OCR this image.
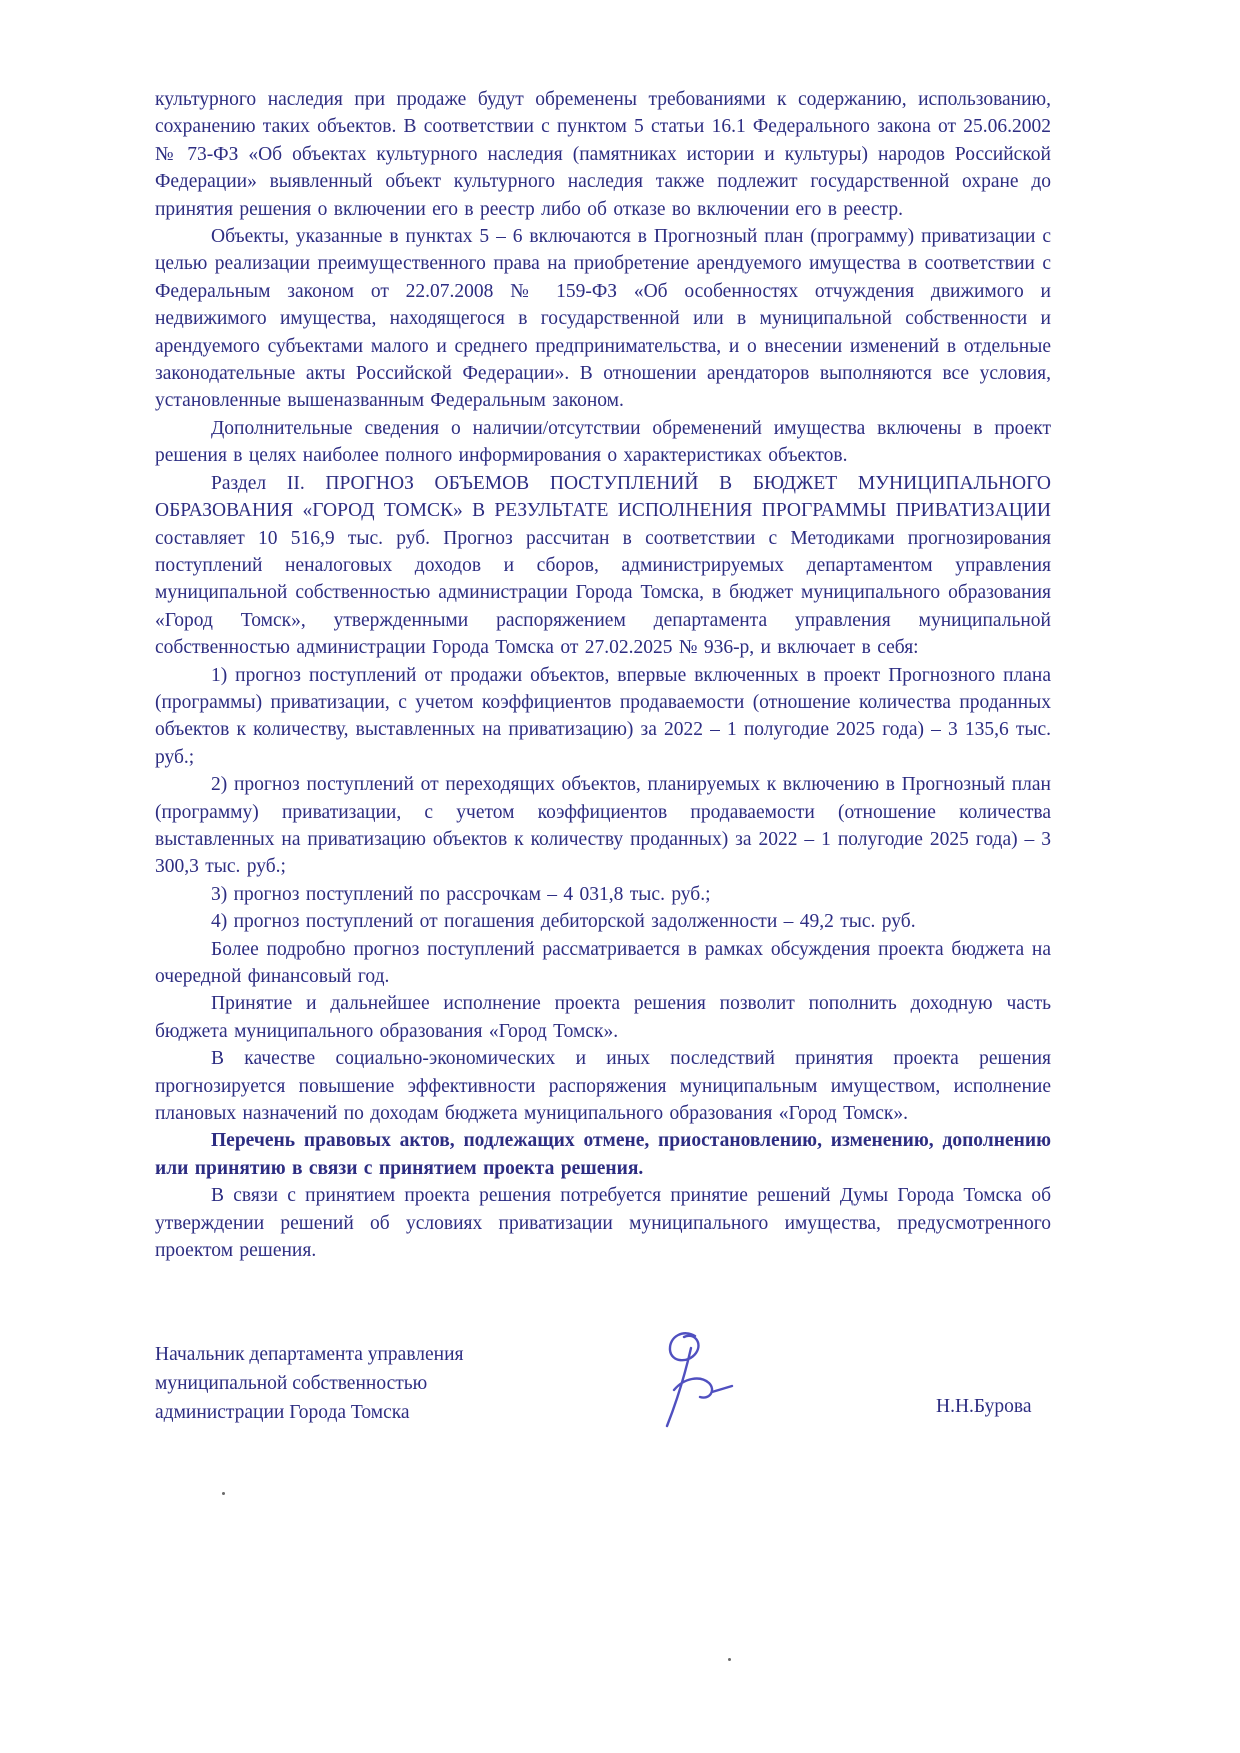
культурного наследия при продаже будут обременены требованиями к содержанию, использованию, сохранению таких объектов. В соответствии с пунктом 5 статьи 16.1 Федерального закона от 25.06.2002 № 73-ФЗ «Об объектах культурного наследия (памятниках истории и культуры) народов Российской Федерации» выявленный объект культурного наследия также подлежит государственной охране до принятия решения о включении его в реестр либо об отказе во включении его в реестр.

Объекты, указанные в пунктах 5 – 6 включаются в Прогнозный план (программу) приватизации с целью реализации преимущественного права на приобретение арендуемого имущества в соответствии с Федеральным законом от 22.07.2008 № 159-ФЗ «Об особенностях отчуждения движимого и недвижимого имущества, находящегося в государственной или в муниципальной собственности и арендуемого субъектами малого и среднего предпринимательства, и о внесении изменений в отдельные законодательные акты Российской Федерации». В отношении арендаторов выполняются все условия, установленные вышеназванным Федеральным законом.

Дополнительные сведения о наличии/отсутствии обременений имущества включены в проект решения в целях наиболее полного информирования о характеристиках объектов.

Раздел II. ПРОГНОЗ ОБЪЕМОВ ПОСТУПЛЕНИЙ В БЮДЖЕТ МУНИЦИПАЛЬНОГО ОБРАЗОВАНИЯ «ГОРОД ТОМСК» В РЕЗУЛЬТАТЕ ИСПОЛНЕНИЯ ПРОГРАММЫ ПРИВАТИЗАЦИИ составляет 10 516,9 тыс. руб. Прогноз рассчитан в соответствии с Методиками прогнозирования поступлений неналоговых доходов и сборов, администрируемых департаментом управления муниципальной собственностью администрации Города Томска, в бюджет муниципального образования «Город Томск», утвержденными распоряжением департамента управления муниципальной собственностью администрации Города Томска от 27.02.2025 № 936-р, и включает в себя:

1) прогноз поступлений от продажи объектов, впервые включенных в проект Прогнозного плана (программы) приватизации, с учетом коэффициентов продаваемости (отношение количества проданных объектов к количеству, выставленных на приватизацию) за 2022 – 1 полугодие 2025 года) – 3 135,6 тыс. руб.;

2) прогноз поступлений от переходящих объектов, планируемых к включению в Прогнозный план (программу) приватизации, с учетом коэффициентов продаваемости (отношение количества выставленных на приватизацию объектов к количеству проданных) за 2022 – 1 полугодие 2025 года) – 3 300,3 тыс. руб.;

3) прогноз поступлений по рассрочкам – 4 031,8 тыс. руб.;

4) прогноз поступлений от погашения дебиторской задолженности – 49,2 тыс. руб.

Более подробно прогноз поступлений рассматривается в рамках обсуждения проекта бюджета на очередной финансовый год.

Принятие и дальнейшее исполнение проекта решения позволит пополнить доходную часть бюджета муниципального образования «Город Томск».

В качестве социально-экономических и иных последствий принятия проекта решения прогнозируется повышение эффективности распоряжения муниципальным имуществом, исполнение плановых назначений по доходам бюджета муниципального образования «Город Томск».

Перечень правовых актов, подлежащих отмене, приостановлению, изменению, дополнению или принятию в связи с принятием проекта решения.

В связи с принятием проекта решения потребуется принятие решений Думы Города Томска об утверждении решений об условиях приватизации муниципального имущества, предусмотренного проектом решения.

Начальник департамента управления
муниципальной собственностью
администрации Города Томска	Н.Н.Бурова
